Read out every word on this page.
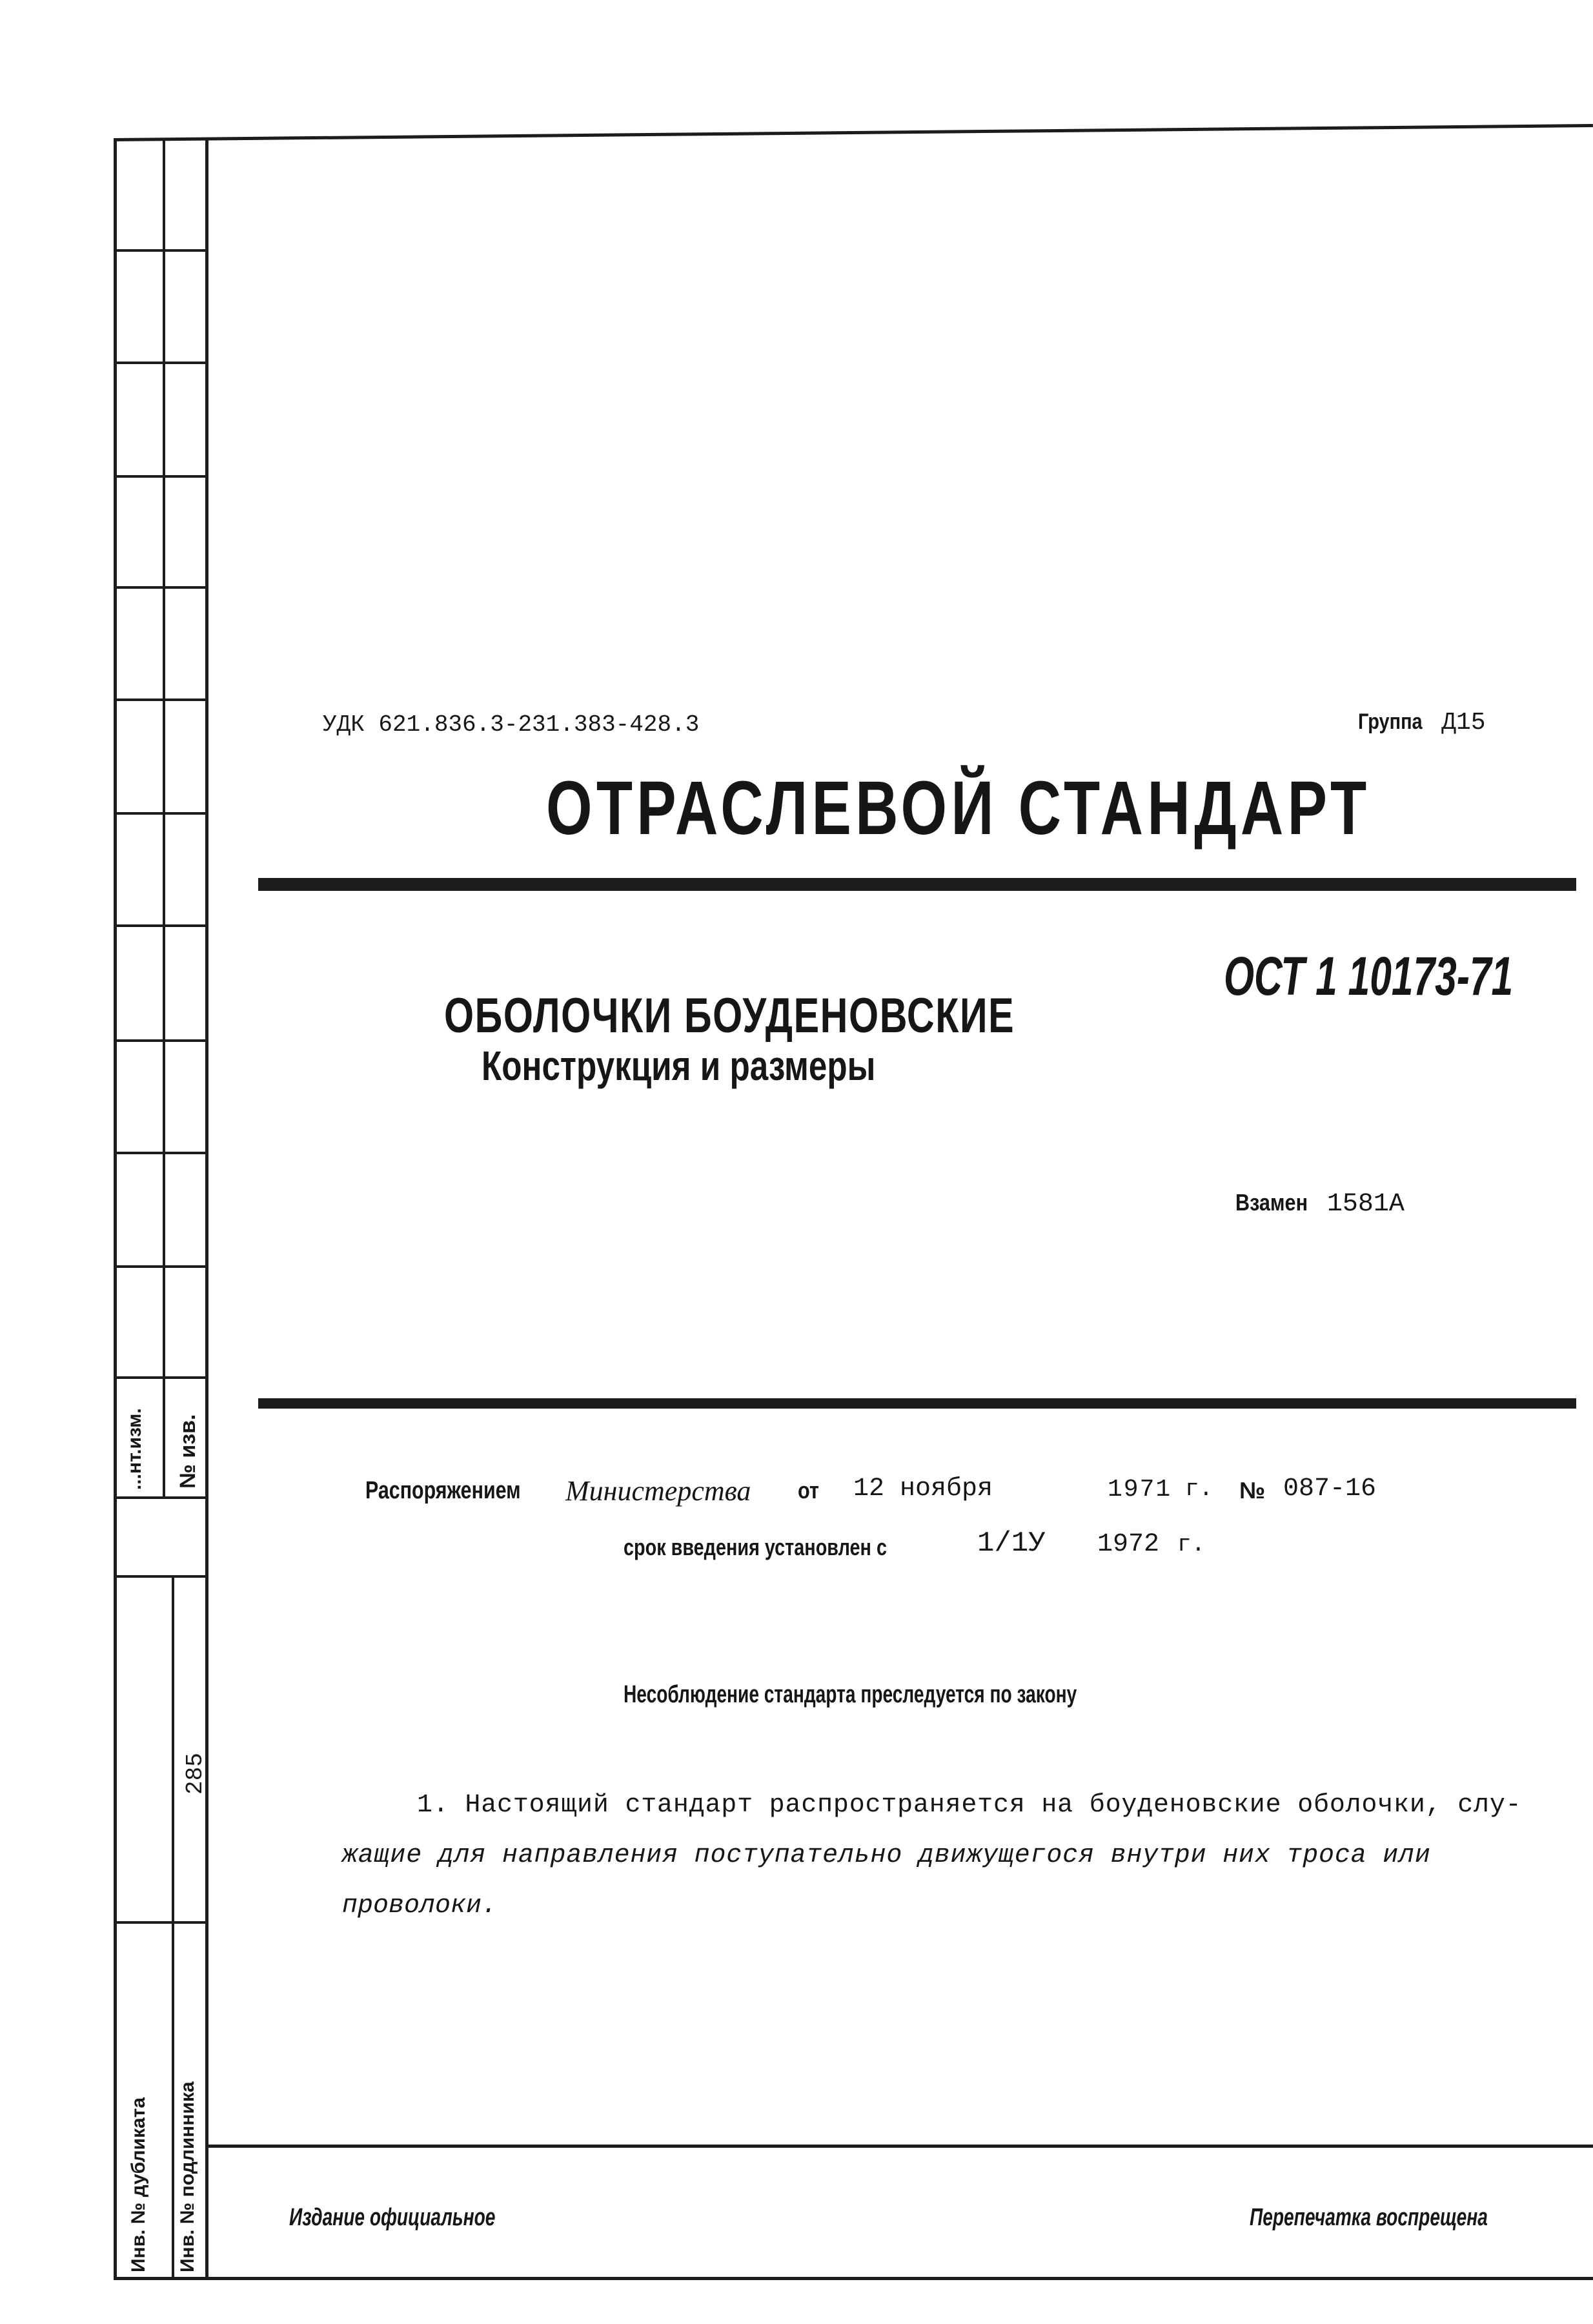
...нт.изм. № изв.
285
Инв. № дубликата Инв. № подлинника
УДК 621.836.3-231.383-428.3	Группа Д15
ОТРАСЛЕВОЙ СТАНДАРТ
ОСТ 1 10173-71
ОБОЛОЧКИ БОУДЕНОВСКИЕ
Конструкция и размеры
Взамен 1581А
Распоряжением Министерства от 12 ноября	1971 г. № 087-16
срок введения установлен с	1/1У 1972 г.
Несоблюдение стандарта преследуется по закону
1. Настоящий стандарт распространяется на боуденовские оболочки, слу-
жащие для направления поступательно движущегося внутри них троса или
проволоки.
Издание официальное	Перепечатка воспрещена
